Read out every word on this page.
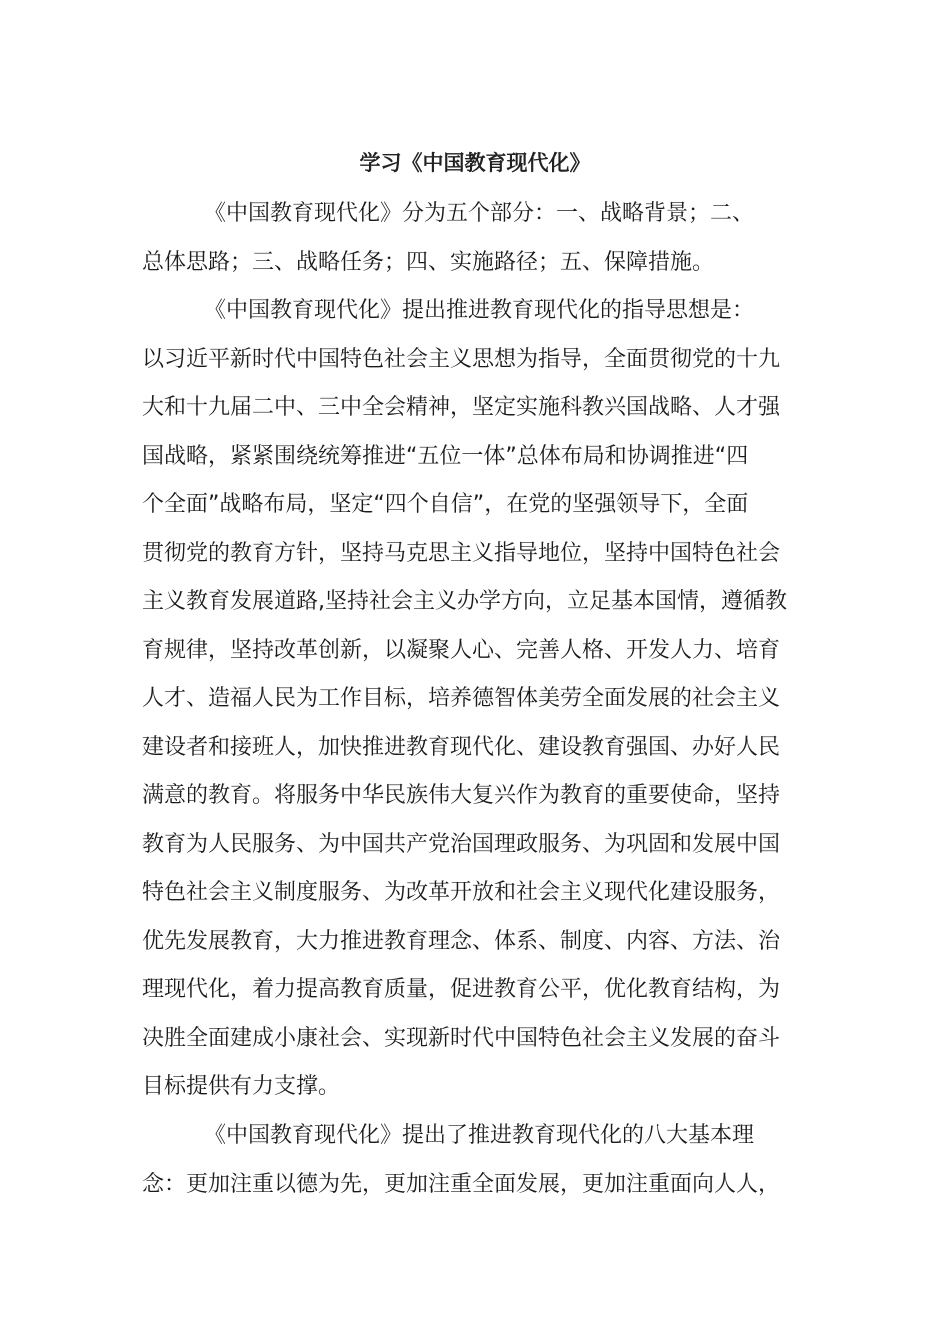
学习《中国教育现代化》

《中国教育现代化》分为五个部分：一、战略背景；二、

总体思路；三、战略任务；四、实施路径；五、保障措施。

《中国教育现代化》提出推进教育现代化的指导思想是：

以习近平新时代中国特色社会主义思想为指导，全面贯彻党的十九

大和十九届二中、三中全会精神，坚定实施科教兴国战略、人才强

国战略，紧紧围绕统筹推进“五位一体”总体布局和协调推进“四

个全面”战略布局，坚定“四个自信”，在党的坚强领导下，全面

贯彻党的教育方针，坚持马克思主义指导地位，坚持中国特色社会

主义教育发展道路,坚持社会主义办学方向，立足基本国情，遵循教

育规律，坚持改革创新，以凝聚人心、完善人格、开发人力、培育

人才、造福人民为工作目标，培养德智体美劳全面发展的社会主义

建设者和接班人，加快推进教育现代化、建设教育强国、办好人民

满意的教育。将服务中华民族伟大复兴作为教育的重要使命，坚持

教育为人民服务、为中国共产党治国理政服务、为巩固和发展中国

特色社会主义制度服务、为改革开放和社会主义现代化建设服务，

优先发展教育，大力推进教育理念、体系、制度、内容、方法、治

理现代化，着力提高教育质量，促进教育公平，优化教育结构，为

决胜全面建成小康社会、实现新时代中国特色社会主义发展的奋斗

目标提供有力支撑。

《中国教育现代化》提出了推进教育现代化的八大基本理

念：更加注重以德为先，更加注重全面发展，更加注重面向人人，
